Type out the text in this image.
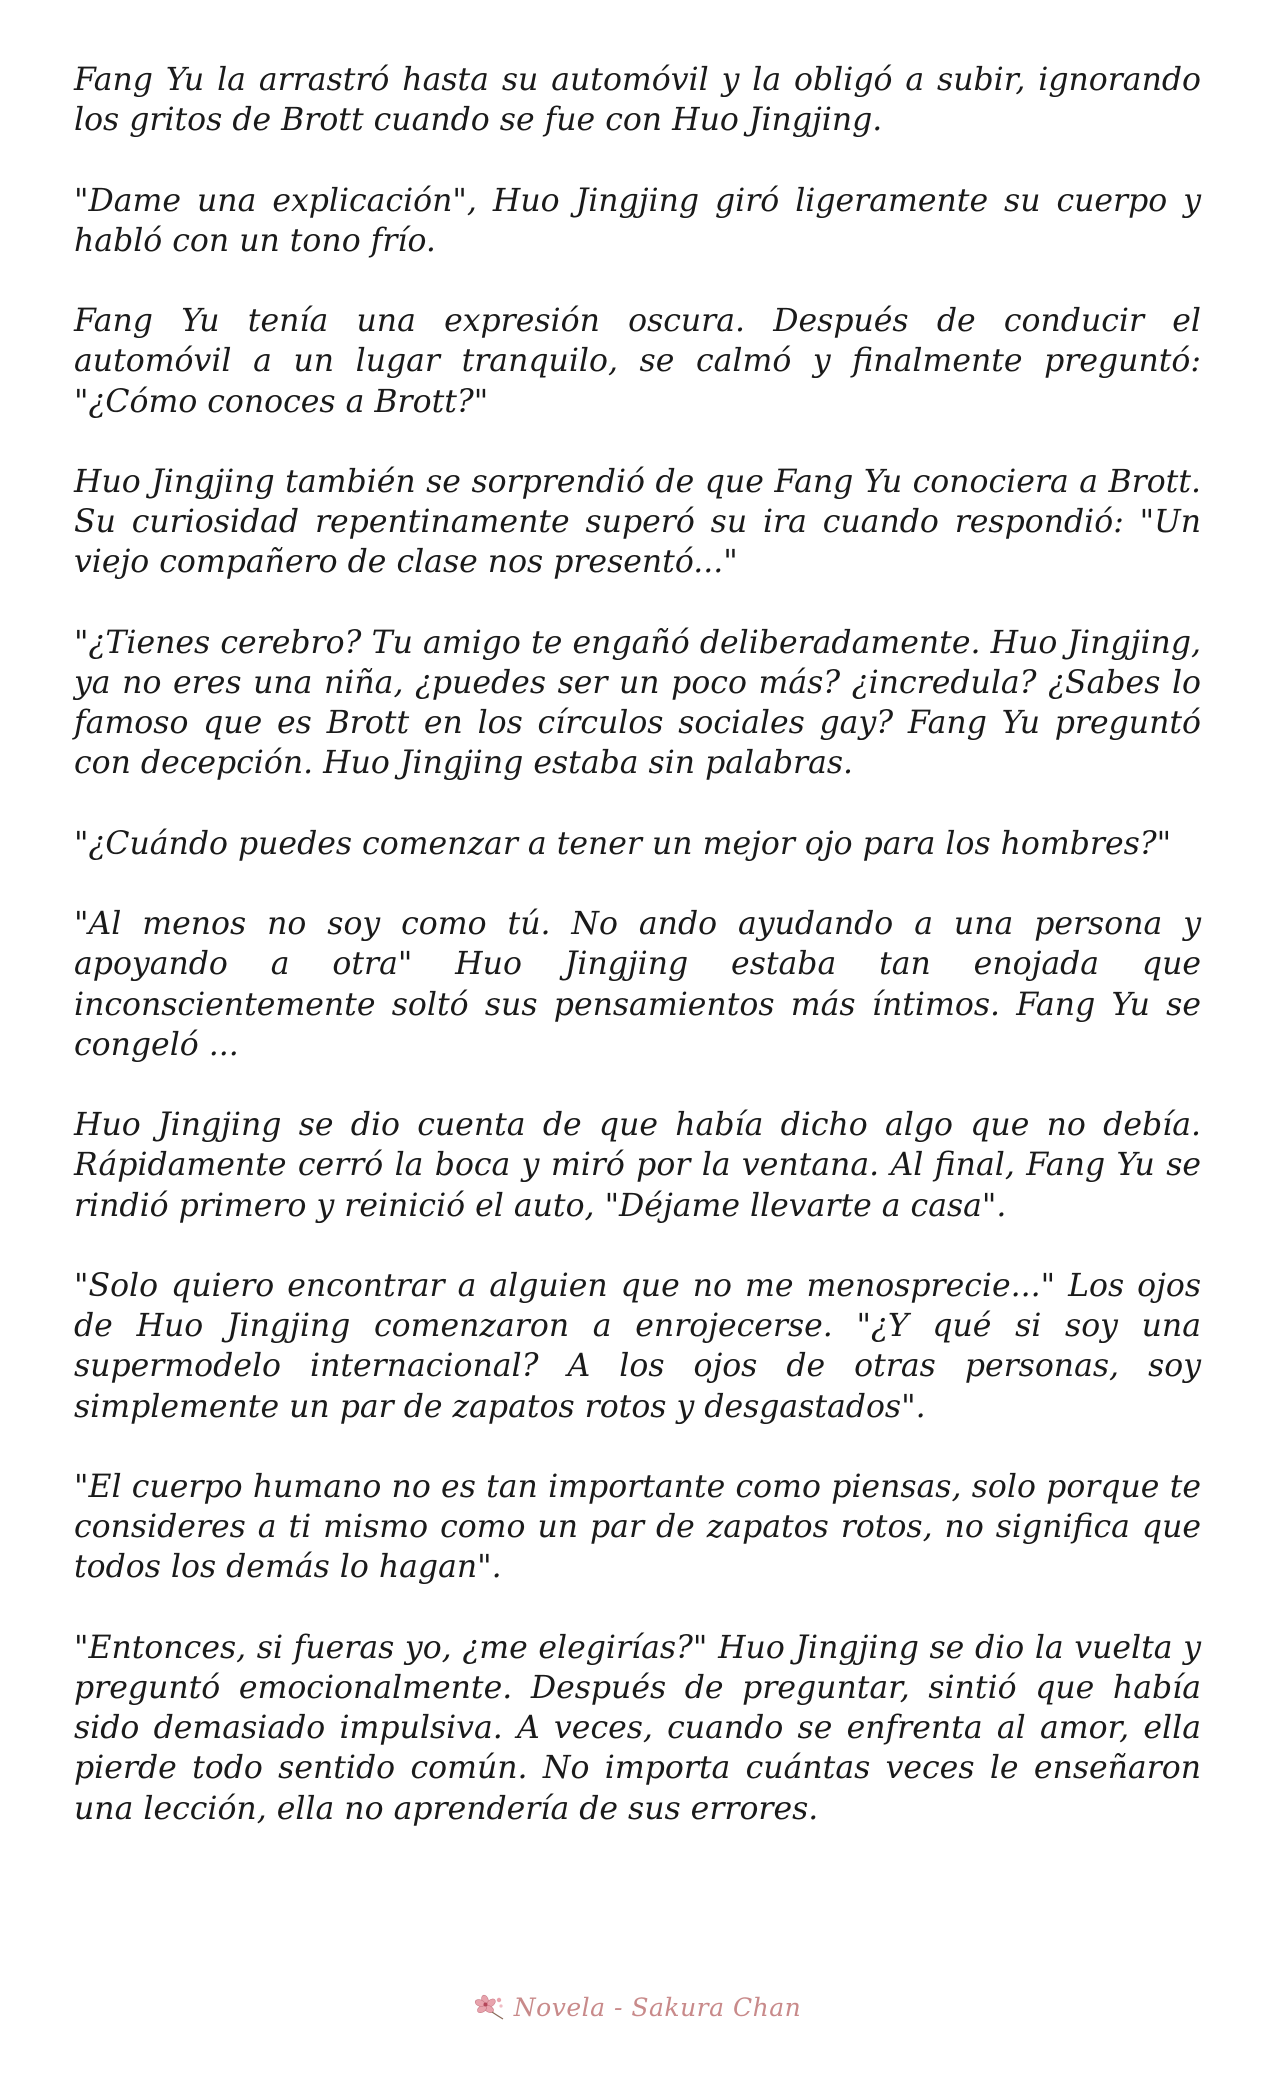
Fang Yu la arrastró hasta su automóvil y la obligó a subir, ignorando los gritos de Brott cuando se fue con Huo Jingjing.

"Dame una explicación", Huo Jingjing giró ligeramente su cuerpo y habló con un tono frío.

Fang Yu tenía una expresión oscura. Después de conducir el automóvil a un lugar tranquilo, se calmó y finalmente preguntó: "¿Cómo conoces a Brott?"

Huo Jingjing también se sorprendió de que Fang Yu conociera a Brott. Su curiosidad repentinamente superó su ira cuando respondió: "Un viejo compañero de clase nos presentó..."

"¿Tienes cerebro? Tu amigo te engañó deliberadamente. Huo Jingjing, ya no eres una niña, ¿puedes ser un poco más? ¿incredula? ¿Sabes lo famoso que es Brott en los círculos sociales gay? Fang Yu preguntó con decepción. Huo Jingjing estaba sin palabras.

"¿Cuándo puedes comenzar a tener un mejor ojo para los hombres?"

"Al menos no soy como tú. No ando ayudando a una persona y apoyando a otra" Huo Jingjing estaba tan enojada que inconscientemente soltó sus pensamientos más íntimos. Fang Yu se congeló ...

Huo Jingjing se dio cuenta de que había dicho algo que no debía. Rápidamente cerró la boca y miró por la ventana. Al final, Fang Yu se rindió primero y reinició el auto, "Déjame llevarte a casa".

"Solo quiero encontrar a alguien que no me menosprecie..." Los ojos de Huo Jingjing comenzaron a enrojecerse. "¿Y qué si soy una supermodelo internacional? A los ojos de otras personas, soy simplemente un par de zapatos rotos y desgastados".

"El cuerpo humano no es tan importante como piensas, solo porque te consideres a ti mismo como un par de zapatos rotos, no significa que todos los demás lo hagan".

"Entonces, si fueras yo, ¿me elegirías?" Huo Jingjing se dio la vuelta y preguntó emocionalmente. Después de preguntar, sintió que había sido demasiado impulsiva. A veces, cuando se enfrenta al amor, ella pierde todo sentido común. No importa cuántas veces le enseñaron una lección, ella no aprendería de sus errores.

Novela - Sakura Chan
